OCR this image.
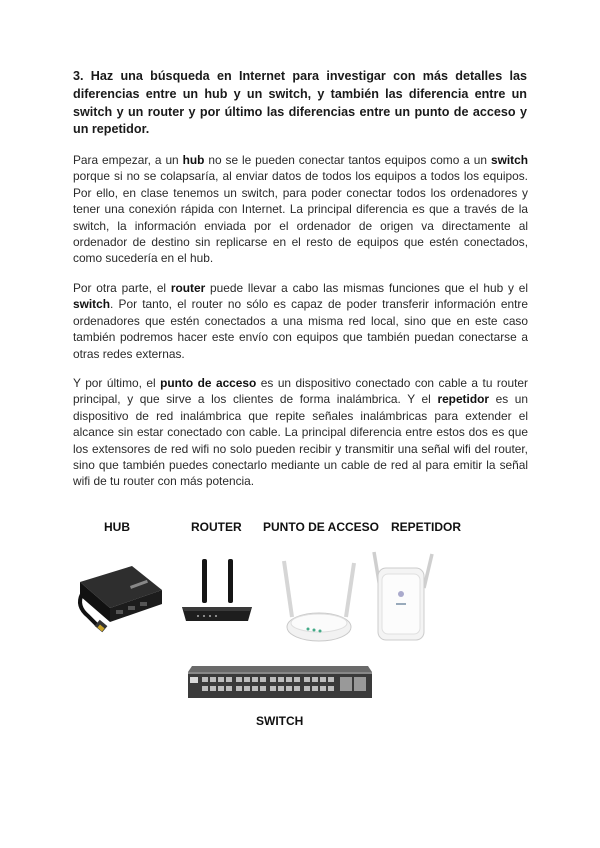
3. Haz una búsqueda en Internet para investigar con más detalles las diferencias entre un hub y un switch, y también las diferencia entre un switch y un router y por último las diferencias entre un punto de acceso y un repetidor.

Para empezar, a un hub no se le pueden conectar tantos equipos como a un switch porque si no se colapsaría, al enviar datos de todos los equipos a todos los equipos. Por ello, en clase tenemos un switch, para poder conectar todos los ordenadores y tener una conexión rápida con Internet. La principal diferencia es que a través de la switch, la información enviada por el ordenador de origen va directamente al ordenador de destino sin replicarse en el resto de equipos que estén conectados, como sucedería en el hub.

Por otra parte, el router puede llevar a cabo las mismas funciones que el hub y el switch. Por tanto, el router no sólo es capaz de poder transferir información entre ordenadores que estén conectados a una misma red local, sino que en este caso también podremos hacer este envío con equipos que también puedan conectarse a otras redes externas.

Y por último, el punto de acceso es un dispositivo conectado con cable a tu router principal, y que sirve a los clientes de forma inalámbrica. Y el repetidor es un dispositivo de red inalámbrica que repite señales inalámbricas para extender el alcance sin estar conectado con cable. La principal diferencia entre estos dos es que los extensores de red wifi no solo pueden recibir y transmitir una señal wifi del router, sino que también puedes conectarlo mediante un cable de red al para emitir la señal wifi de tu router con más potencia.

HUB	ROUTER PUNTO DE ACCESO REPETIDOR
SWITCH
